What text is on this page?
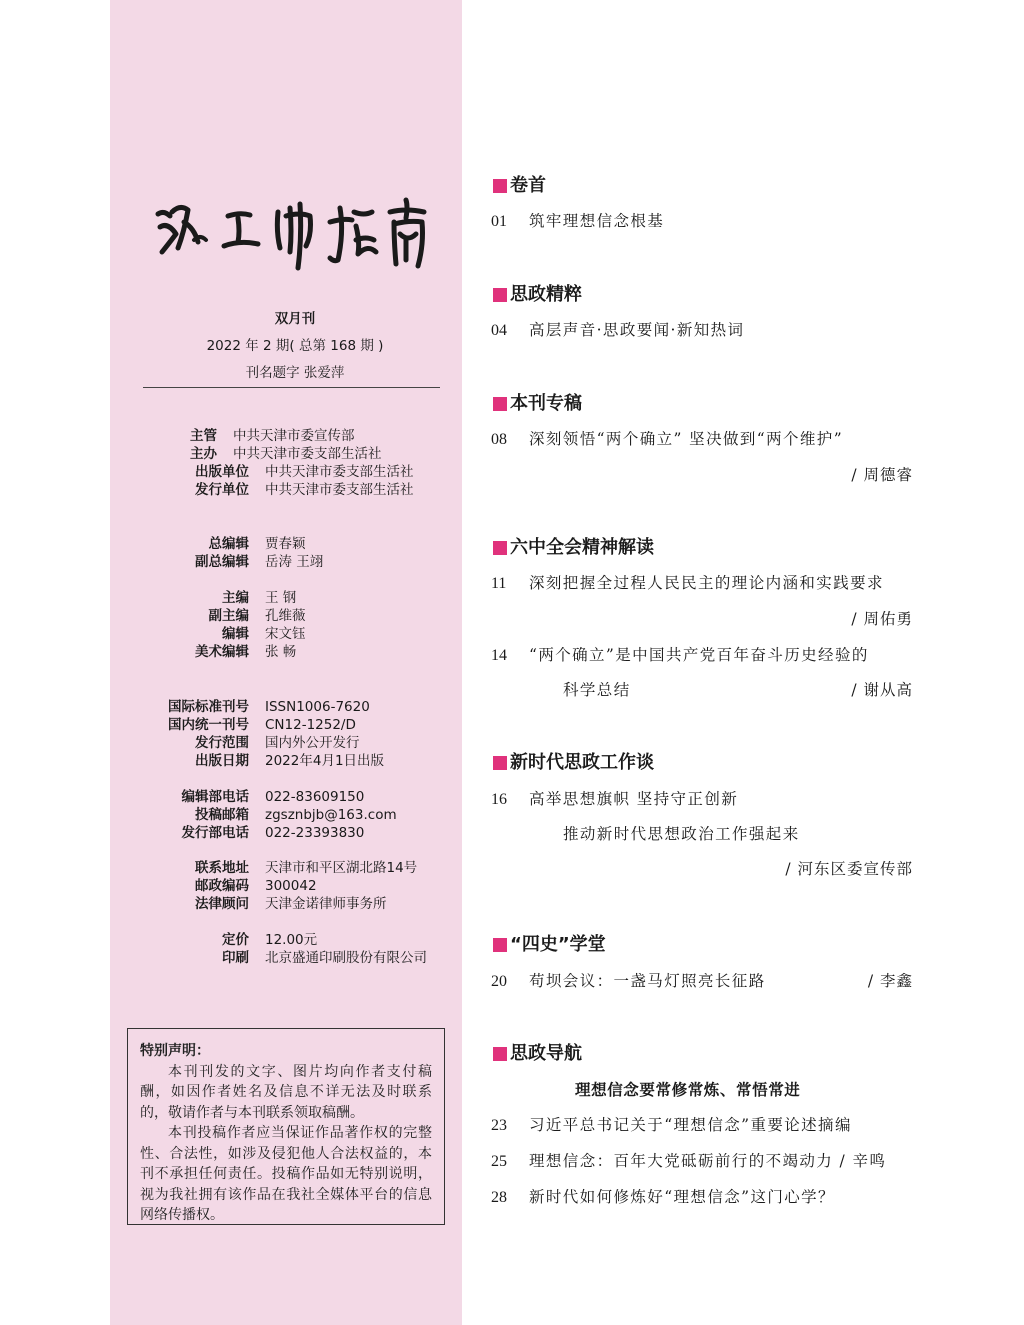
双月刊
2022 年 2 期( 总第 168 期 )
刊名题字 张爱萍
主管	中共天津市委宣传部
主办	中共天津市委支部生活社
出版单位	中共天津市委支部生活社
发行单位	中共天津市委支部生活社
总编辑	贾春颖
副总编辑	岳涛 王翊
主编	王 钢
副主编	孔维薇
编辑	宋文钰
美术编辑	张 畅
国际标准刊号	ISSN1006-7620
国内统一刊号	CN12-1252/D
发行范围	国内外公开发行
出版日期	2022年4月1日出版
编辑部电话	022-83609150
投稿邮箱	zgsznbjb@163.com
发行部电话	022-23393830
联系地址	天津市和平区湖北路14号
邮政编码	300042
法律顾问	天津金诺律师事务所
定价	12.00元
印刷	北京盛通印刷股份有限公司
特别声明：

本刊刊发的文字、图片均向作者支付稿酬，如因作者姓名及信息不详无法及时联系的，敬请作者与本刊联系领取稿酬。

本刊投稿作者应当保证作品著作权的完整性、合法性，如涉及侵犯他人合法权益的，本刊不承担任何责任。投稿作品如无特别说明，视为我社拥有该作品在我社全媒体平台的信息网络传播权。

卷首
01 筑牢理想信念根基
思政精粹
04 高层声音·思政要闻·新知热词
本刊专稿
08 深刻领悟“两个确立” 坚决做到“两个维护”
/ 周德睿
六中全会精神解读
11 深刻把握全过程人民民主的理论内涵和实践要求
/ 周佑勇
14 “两个确立”是中国共产党百年奋斗历史经验的
科学总结	/ 谢从高
新时代思政工作谈
16 高举思想旗帜 坚持守正创新
推动新时代思想政治工作强起来
/ 河东区委宣传部
“四史”学堂
20 苟坝会议：一盏马灯照亮长征路	/ 李鑫
思政导航
理想信念要常修常炼、常悟常进
23 习近平总书记关于“理想信念”重要论述摘编
25 理想信念：百年大党砥砺前行的不竭动力 / 辛鸣
28 新时代如何修炼好“理想信念”这门心学？
